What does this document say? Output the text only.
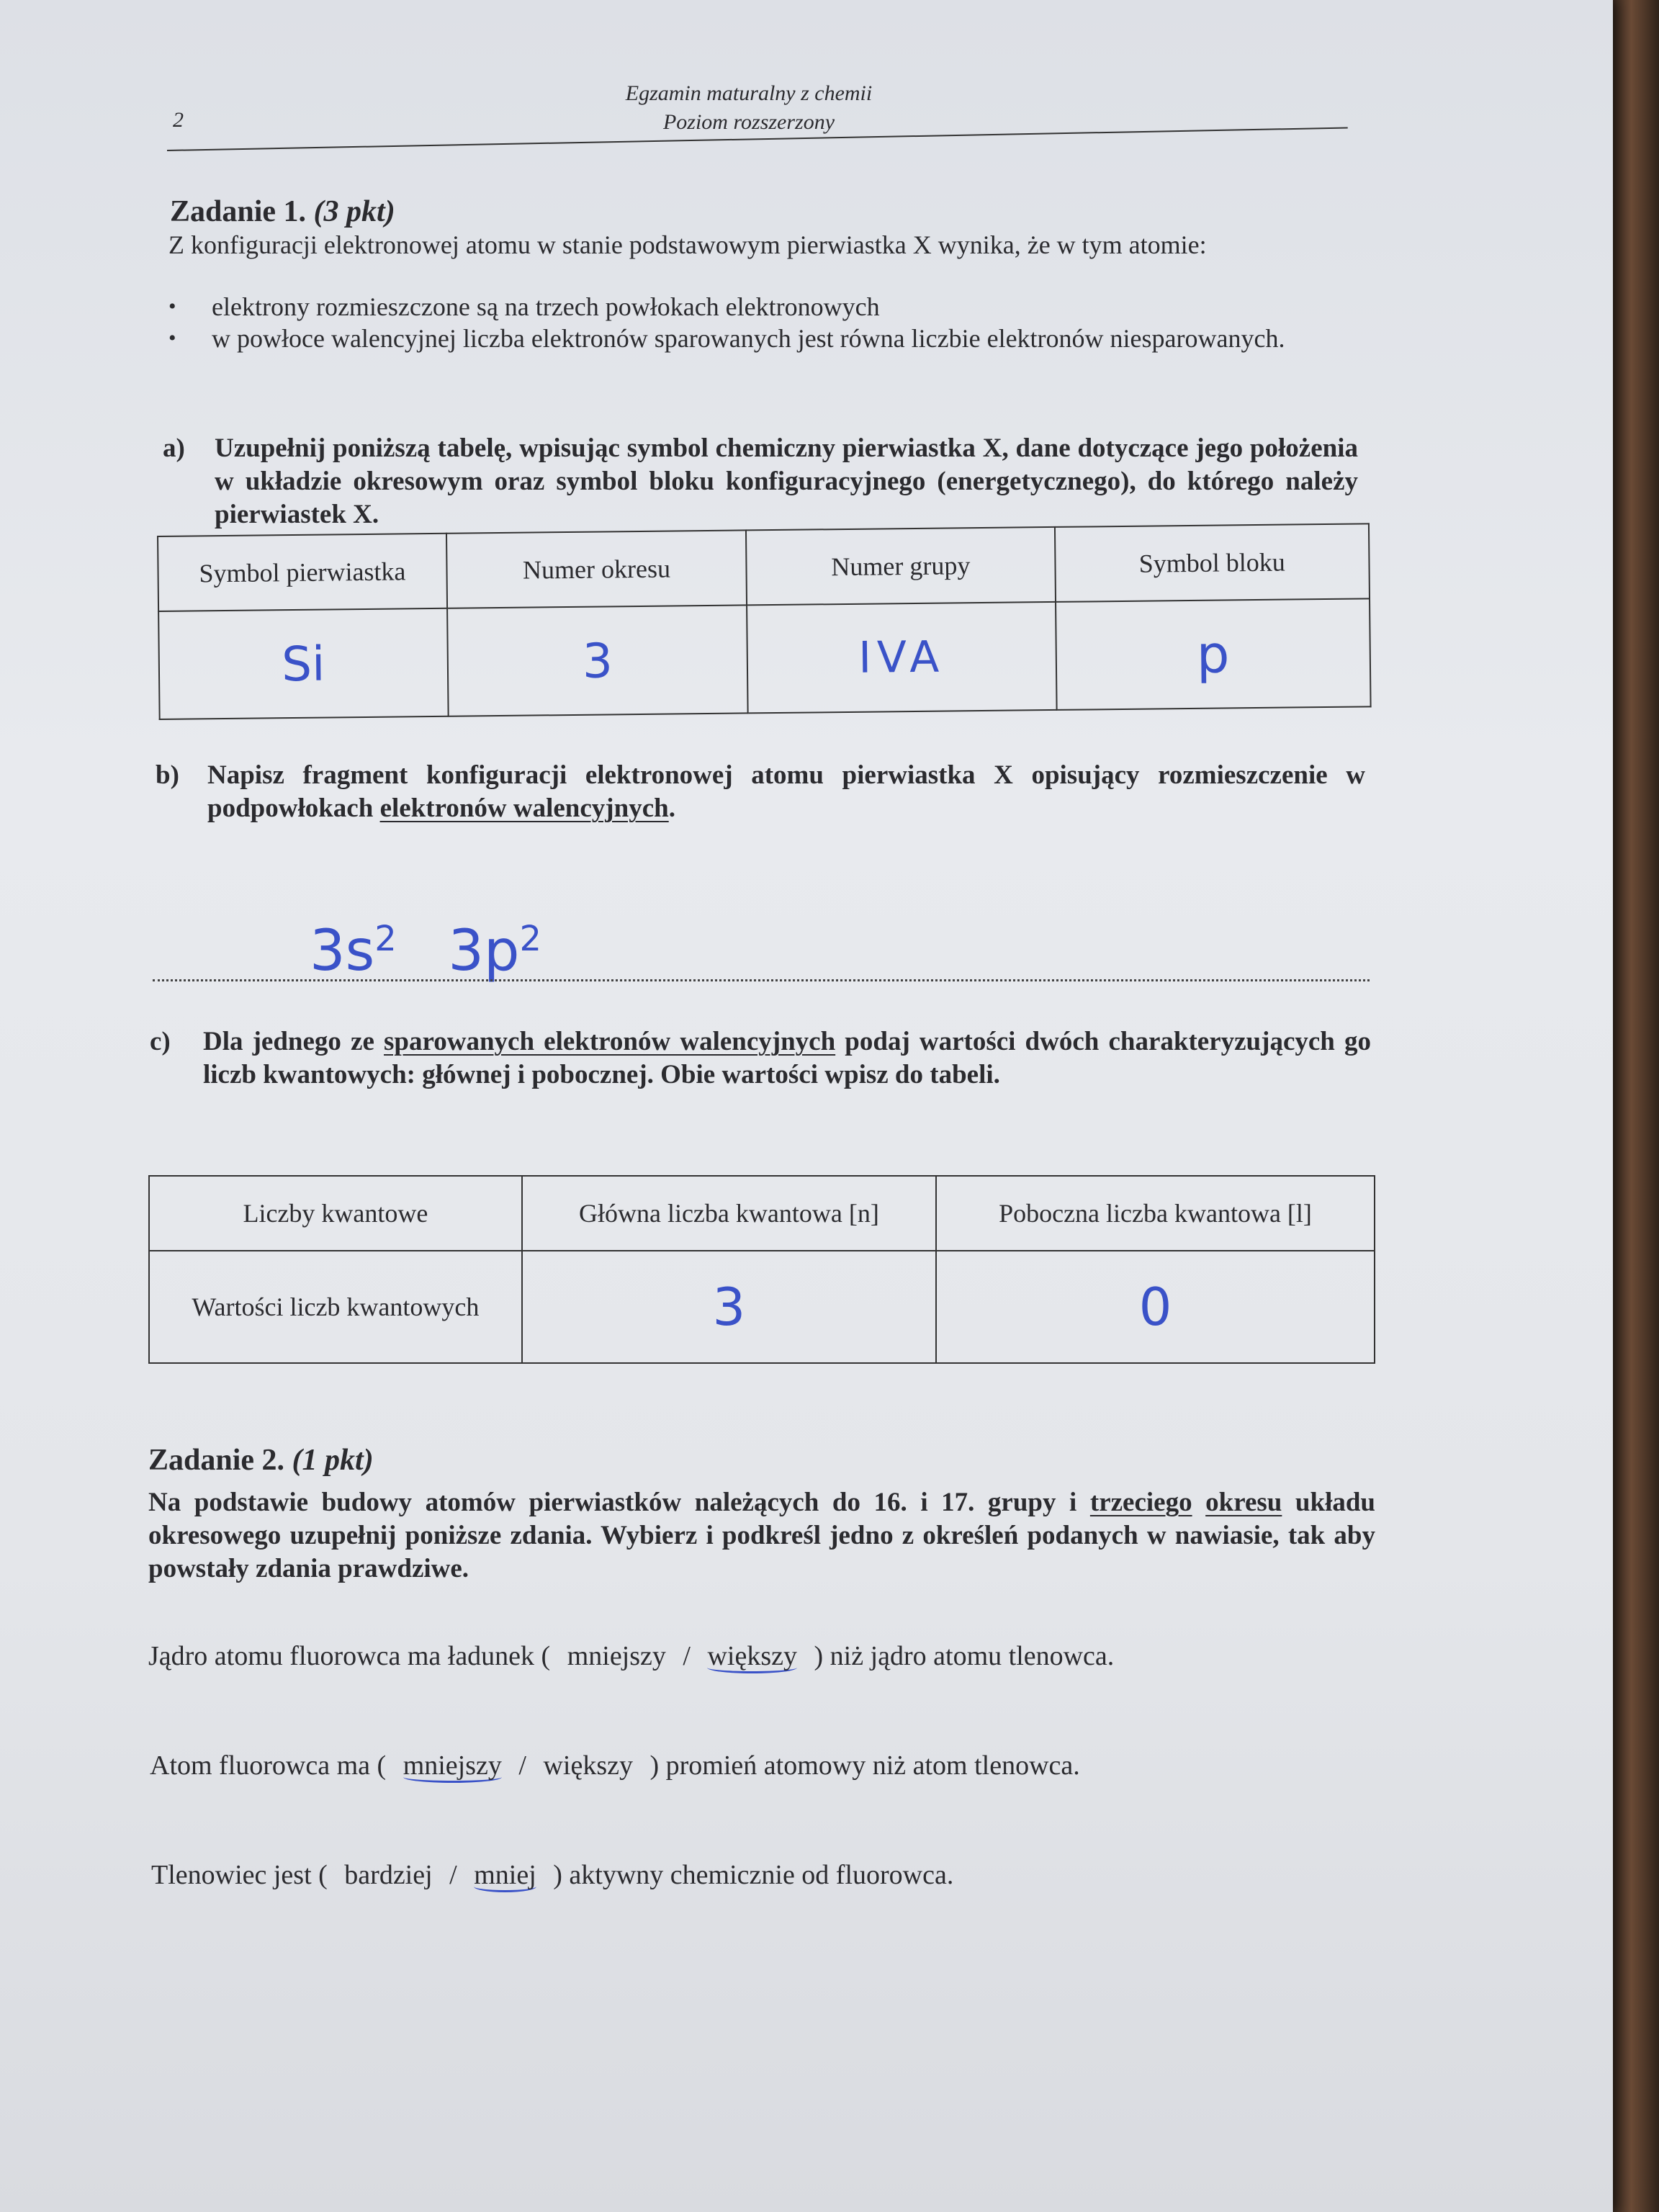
2
Egzamin maturalny z chemii
Poziom rozszerzony
Zadanie 1. (3 pkt)
Z konfiguracji elektronowej atomu w stanie podstawowym pierwiastka X wynika, że w tym atomie:
•	elektrony rozmieszczone są na trzech powłokach elektronowych
•	w powłoce walencyjnej liczba elektronów sparowanych jest równa liczbie elektronów niesparowanych.
a)	Uzupełnij poniższą tabelę, wpisując symbol chemiczny pierwiastka X, dane dotyczące jego położenia w układzie okresowym oraz symbol bloku konfiguracyjnego (energetycznego), do którego należy pierwiastek X.
Symbol pierwiastka	Numer okresu	Numer grupy	Symbol bloku
Si	3	IVA	p
b)	Napisz fragment konfiguracji elektronowej atomu pierwiastka X opisujący rozmieszczenie w podpowłokach elektronów walencyjnych.
$3s^2$ $3p^2$
c)	Dla jednego ze sparowanych elektronów walencyjnych podaj wartości dwóch charakteryzujących go liczb kwantowych: głównej i pobocznej. Obie wartości wpisz do tabeli.
Liczby kwantowe	Główna liczba kwantowa [n]	Poboczna liczba kwantowa [l]
Wartości liczb kwantowych	3	0
Zadanie 2. (1 pkt)
Na podstawie budowy atomów pierwiastków należących do 16. i 17. grupy i trzeciego okresu układu okresowego uzupełnij poniższe zdania. Wybierz i podkreśl jedno z określeń podanych w nawiasie, tak aby powstały zdania prawdziwe.
Jądro atomu fluorowca ma ładunek ( mniejszy / większy ) niż jądro atomu tlenowca.
Atom fluorowca ma ( mniejszy / większy ) promień atomowy niż atom tlenowca.
Tlenowiec jest ( bardziej / mniej ) aktywny chemicznie od fluorowca.
